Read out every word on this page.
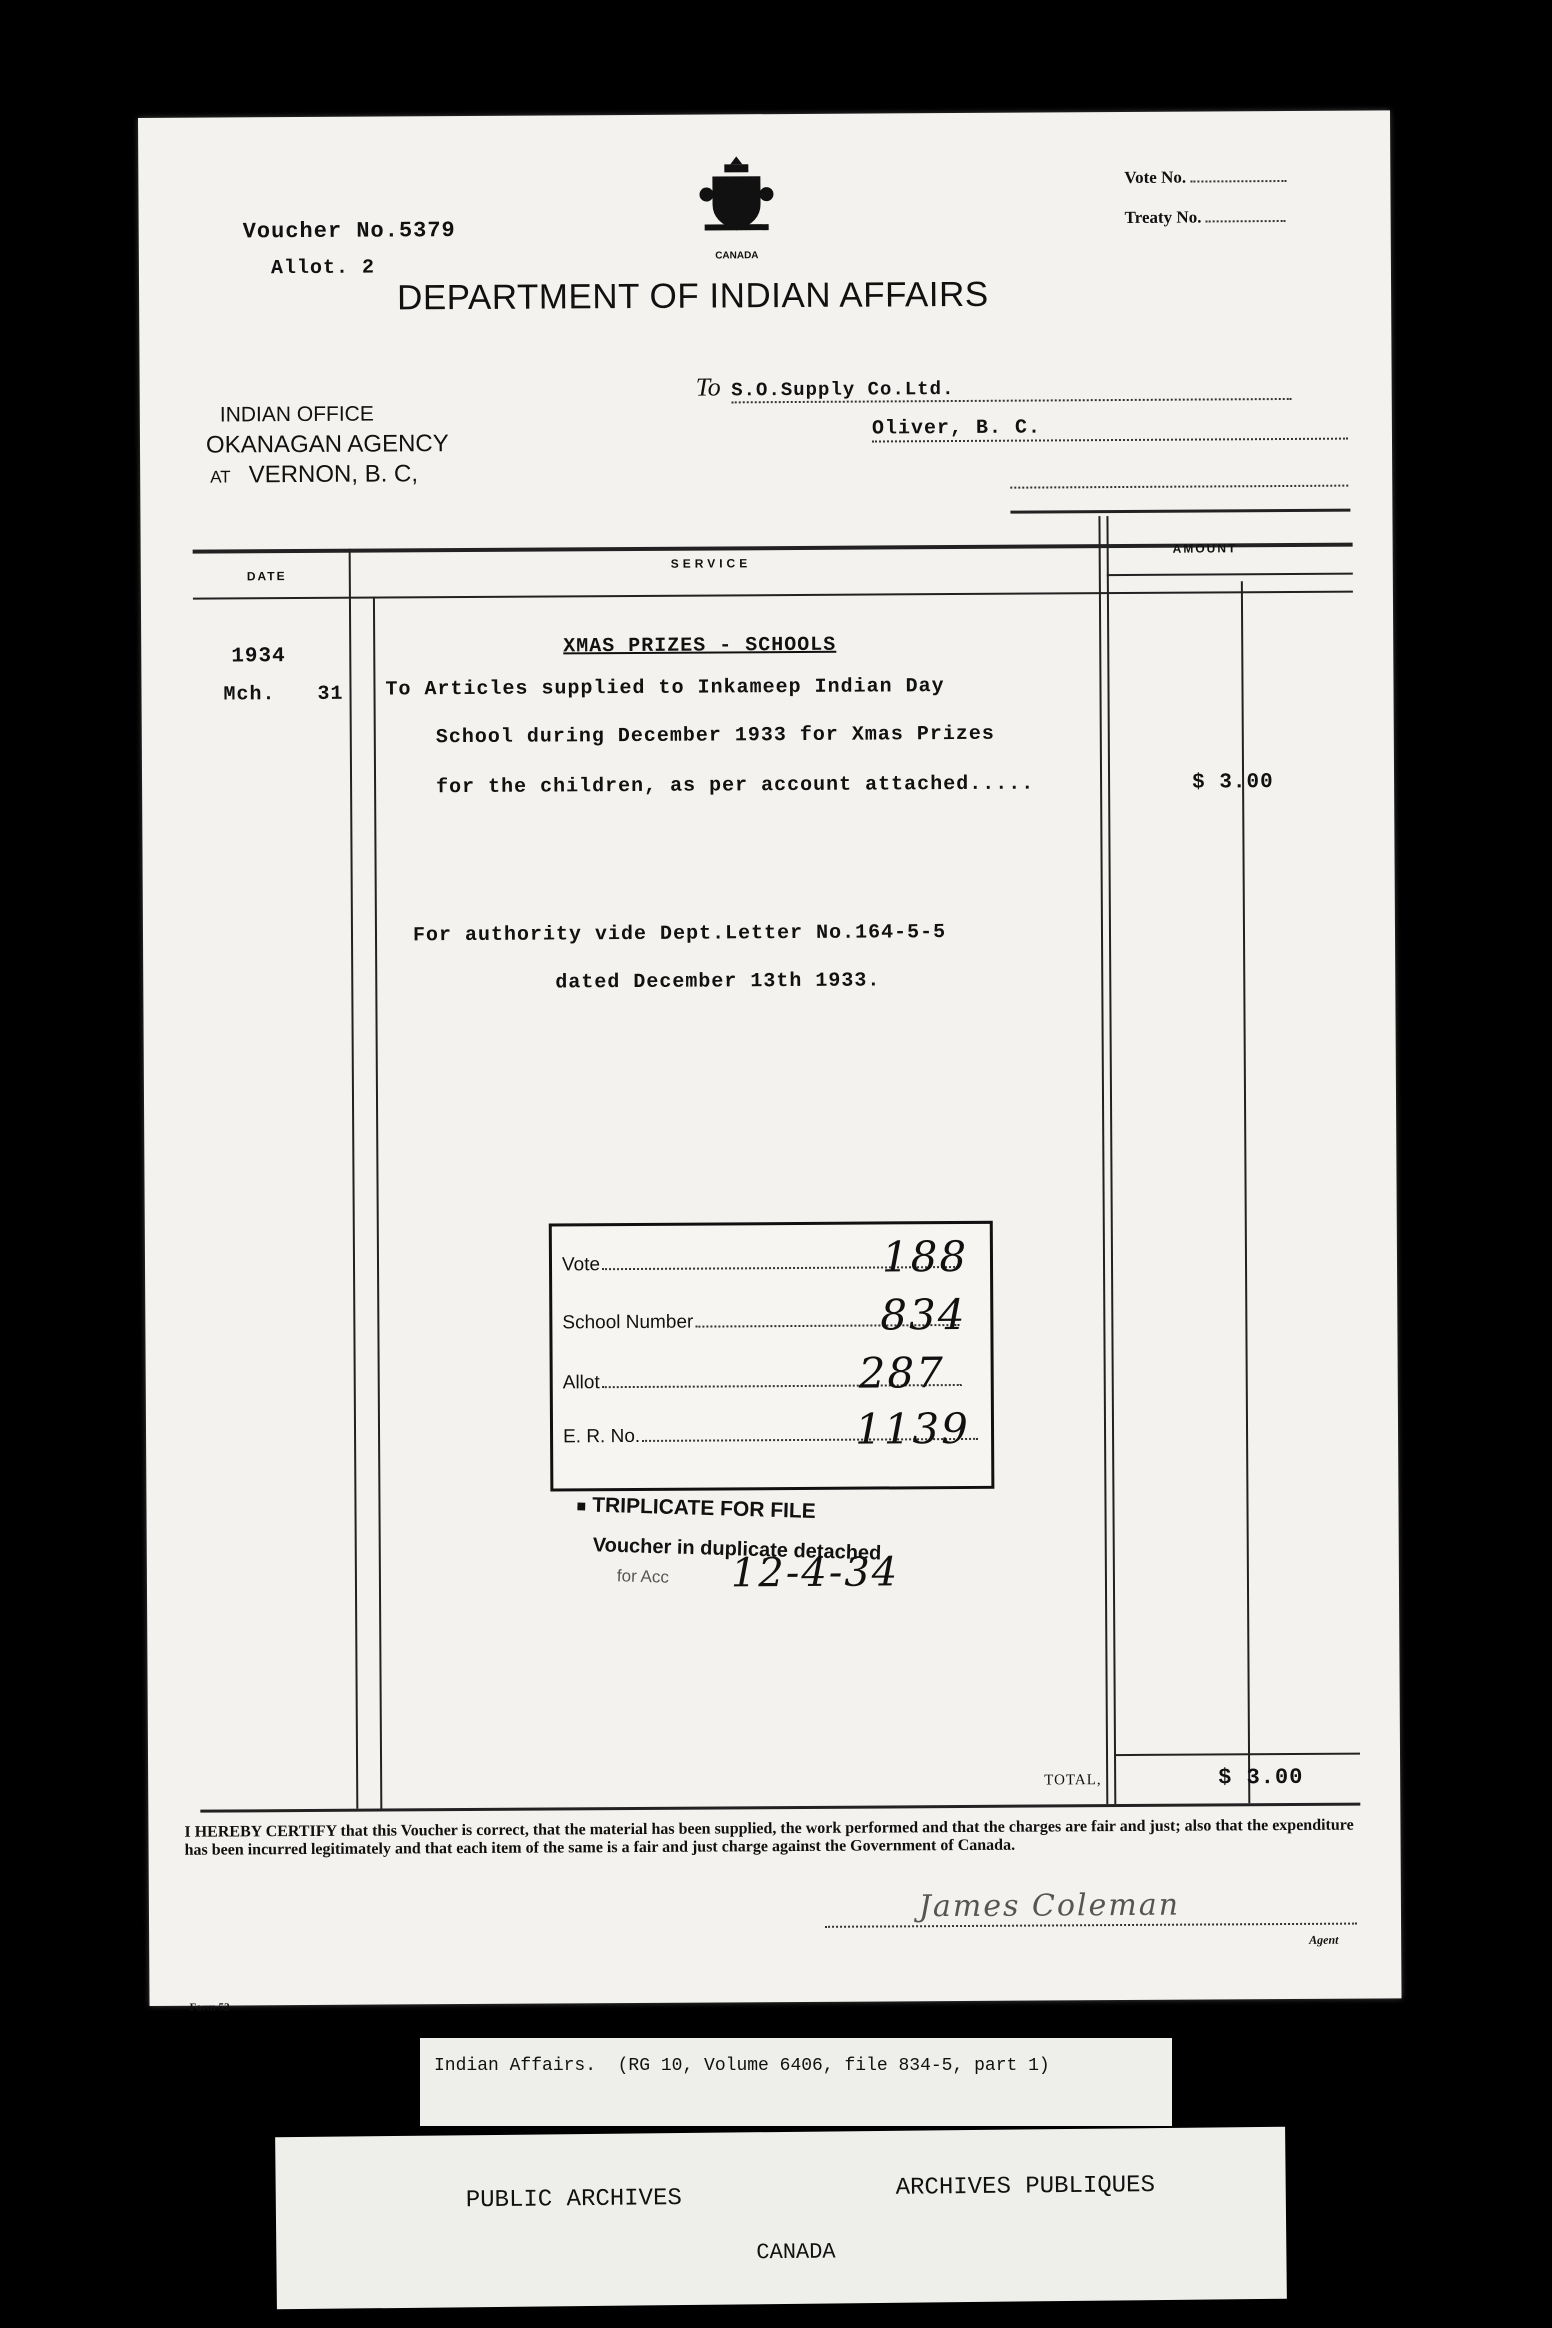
CANADA
Voucher No.5379
Allot. 2
DEPARTMENT OF INDIAN AFFAIRS
Vote No.
Treaty No.
INDIAN OFFICE
OKANAGAN AGENCY
AT VERNON, B. C,
To S.O.Supply Co.Ltd.
Oliver, B. C.
DATE
SERVICE
AMOUNT
1934
Mch. 31
XMAS PRIZES - SCHOOLS
To Articles supplied to Inkameep Indian Day
School during December 1933 for Xmas Prizes
for the children, as per account attached.....	$ 3.00
For authority vide Dept.Letter No.164-5-5
dated December 13th 1933.
Vote	188
School Number	834
Allot	287
E. R. No.	1139
■ TRIPLICATE FOR FILE
Voucher in duplicate detached
for Acc 12-4-34
TOTAL,	$ 3.00
I HEREBY CERTIFY that this Voucher is correct, that the material has been supplied, the work performed and that the charges are fair and just; also that the expenditure has been incurred legitimately and that each item of the same is a fair and just charge against the Government of Canada.
James Coleman
Agent
Form 52
Indian Affairs.  (RG 10, Volume 6406, file 834-5, part 1)
PUBLIC ARCHIVES	ARCHIVES PUBLIQUES
CANADA
